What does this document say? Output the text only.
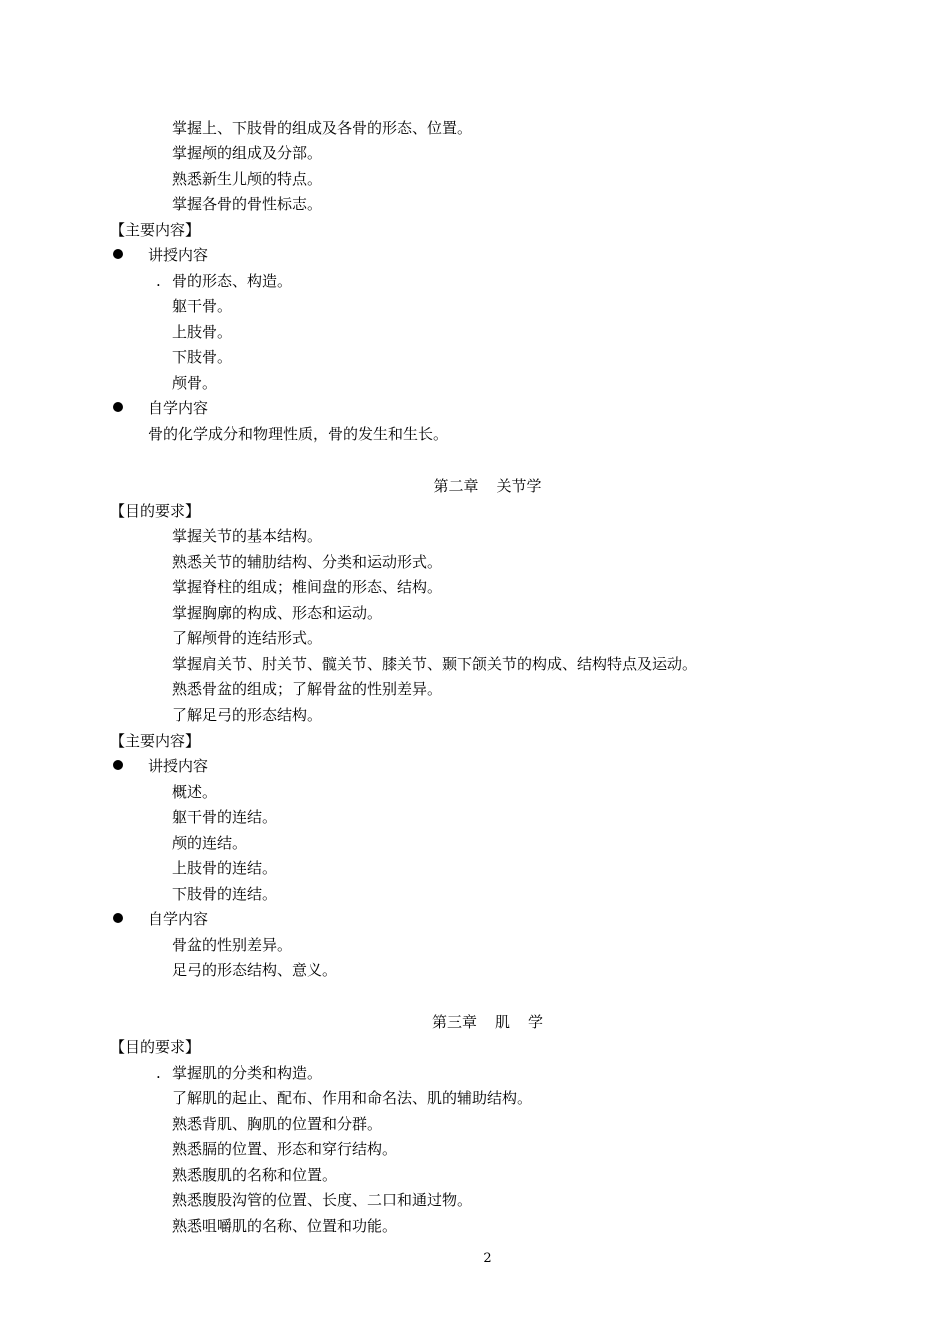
掌握上、下肢骨的组成及各骨的形态、位置。
掌握颅的组成及分部。
熟悉新生儿颅的特点。
掌握各骨的骨性标志。
【主要内容】
讲授内容
. 骨的形态、构造。
躯干骨。
上肢骨。
下肢骨。
颅骨。
自学内容
骨的化学成分和物理性质，骨的发生和生长。
第二章 关节学
【目的要求】
掌握关节的基本结构。
熟悉关节的辅肋结构、分类和运动形式。
掌握脊柱的组成；椎间盘的形态、结构。
掌握胸廓的构成、形态和运动。
了解颅骨的连结形式。
掌握肩关节、肘关节、髋关节、膝关节、颞下颌关节的构成、结构特点及运动。
熟悉骨盆的组成；了解骨盆的性别差异。
了解足弓的形态结构。
【主要内容】
讲授内容
概述。
躯干骨的连结。
颅的连结。
上肢骨的连结。
下肢骨的连结。
自学内容
骨盆的性别差异。
足弓的形态结构、意义。
第三章 肌 学
【目的要求】
. 掌握肌的分类和构造。
了解肌的起止、配布、作用和命名法、肌的辅助结构。
熟悉背肌、胸肌的位置和分群。
熟悉膈的位置、形态和穿行结构。
熟悉腹肌的名称和位置。
熟悉腹股沟管的位置、长度、二口和通过物。
熟悉咀嚼肌的名称、位置和功能。
2
